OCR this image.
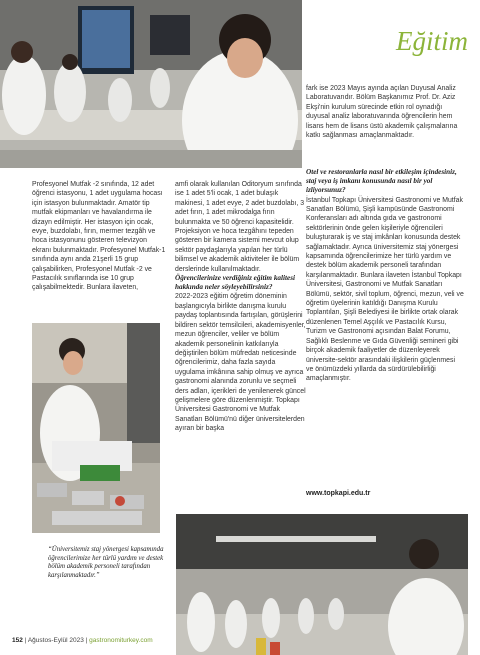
Eğitim

fark ise 2023 Mayıs ayında açılan Duyusal Analiz Laboratuvarıdır. Bölüm Başkanımız Prof. Dr. Aziz Ekşi'nin kurulum sürecinde etkin rol oynadığı duyusal analiz laboratuvarında öğrencilerin hem lisans hem de lisans üstü akademik çalışmalarına katkı sağlanması amaçlanmaktadır.

Profesyonel Mutfak -2 sınıfında, 12 adet öğrenci istasyonu, 1 adet uygulama hocası için istasyon bulunmaktadır. Amatör tip mutfak ekipmanları ve havalandırma ile dizayn edilmiştir. Her istasyon için ocak, evye, buzdolabı, fırın, mermer tezgâh ve hoca istasyonunu gösteren televizyon ekranı bulunmaktadır. Profesyonel Mutfak-1 sınıfında aynı anda 21şerli 15 grup çalışabilirken, Profesyonel Mutfak -2 ve Pastacılık sınıflarında ise 10 grup çalışabilmektedir. Bunlara ilaveten,

amfi olarak kullanılan Oditoryum sınıfında ise 1 adet 5'li ocak, 1 adet bulaşık makinesi, 1 adet evye, 2 adet buzdolabı, 3 adet fırın, 1 adet mikrodalga fırın bulunmakta ve 50 öğrenci kapasitelidir. Projeksiyon ve hoca tezgâhını tepeden gösteren bir kamera sistemi mevcut olup sektör paydaşlarıyla yapılan her türlü bilimsel ve akademik aktiviteler ile bölüm derslerinde kullanılmaktadır.

Öğrencilerinize verdiğiniz eğitim kalitesi hakkında neler söyleyebilirsiniz?

2022-2023 eğitim öğretim döneminin başlangıcıyla birlikte danışma kurulu paydaş toplantısında fartışılan, görüşlerini bildiren sektör temsilcileri, akademisyenler, mezun öğrenciler, veliler ve bölüm akademik personelinin katkılarıyla değiştirilen bölüm müfredatı neticesinde öğrencilerimiz, daha fazla sayıda uygulama imkânına sahip olmuş ve ayrıca gastronomi alanında zorunlu ve seçmeli ders adları, içerikleri de yenilenerek güncel gelişmelere göre düzenlenmiştir. Topkapı Üniversitesi Gastronomi ve Mutfak Sanatları Bölümü'nü diğer üniversitelerden ayıran bir başka

Otel ve restoranlarla nasıl bir etkileşim içindesiniz, staj veya iş imkanı konusunda nasıl bir yol izliyorsunuz?

İstanbul Topkapı Üniversitesi Gastronomi ve Mutfak Sanatları Bölümü, Şişli kampüsünde Gastronomi Konferansları adı altında gıda ve gastronomi sektörlerinin önde gelen kişileriyle öğrencileri buluşturarak iş ve staj imkânları konusunda destek sağlamaktadır. Ayrıca üniversitemiz staj yönergesi kapsamında öğrencilerimize her türlü yardım ve destek bölüm akademik personeli tarafından karşılanmaktadır. Bunlara ilaveten İstanbul Topkapı Üniversitesi, Gastronomi ve Mutfak Sanatları Bölümü, sektör, sivil toplum, öğrenci, mezun, veli ve öğretim üyelerinin katıldığı Danışma Kurulu Toplantıları, Şişli Belediyesi ile birlikte ortak olarak düzenlenen Temel Aşçılık ve Pastacılık Kursu, Turizm ve Gastronomi açısından Balat Forumu, Sağlıklı Beslenme ve Gıda Güvenliği semineri gibi birçok akademik faaliyetler de düzenleyerek üniversite-sektör arasındaki ilişkilerin güçlenmesi ve önümüzdeki yıllarda da sürdürülebilirliği amaçlanmıştır.

www.topkapi.edu.tr
“Üniversitemiz staj yönergesi kapsamında öğrencilerimize her türlü yardım ve destek bölüm akademik personeli tarafından karşılanmaktadır.”
152 | Ağustos-Eylül 2023 | gastronomiturkey.com
